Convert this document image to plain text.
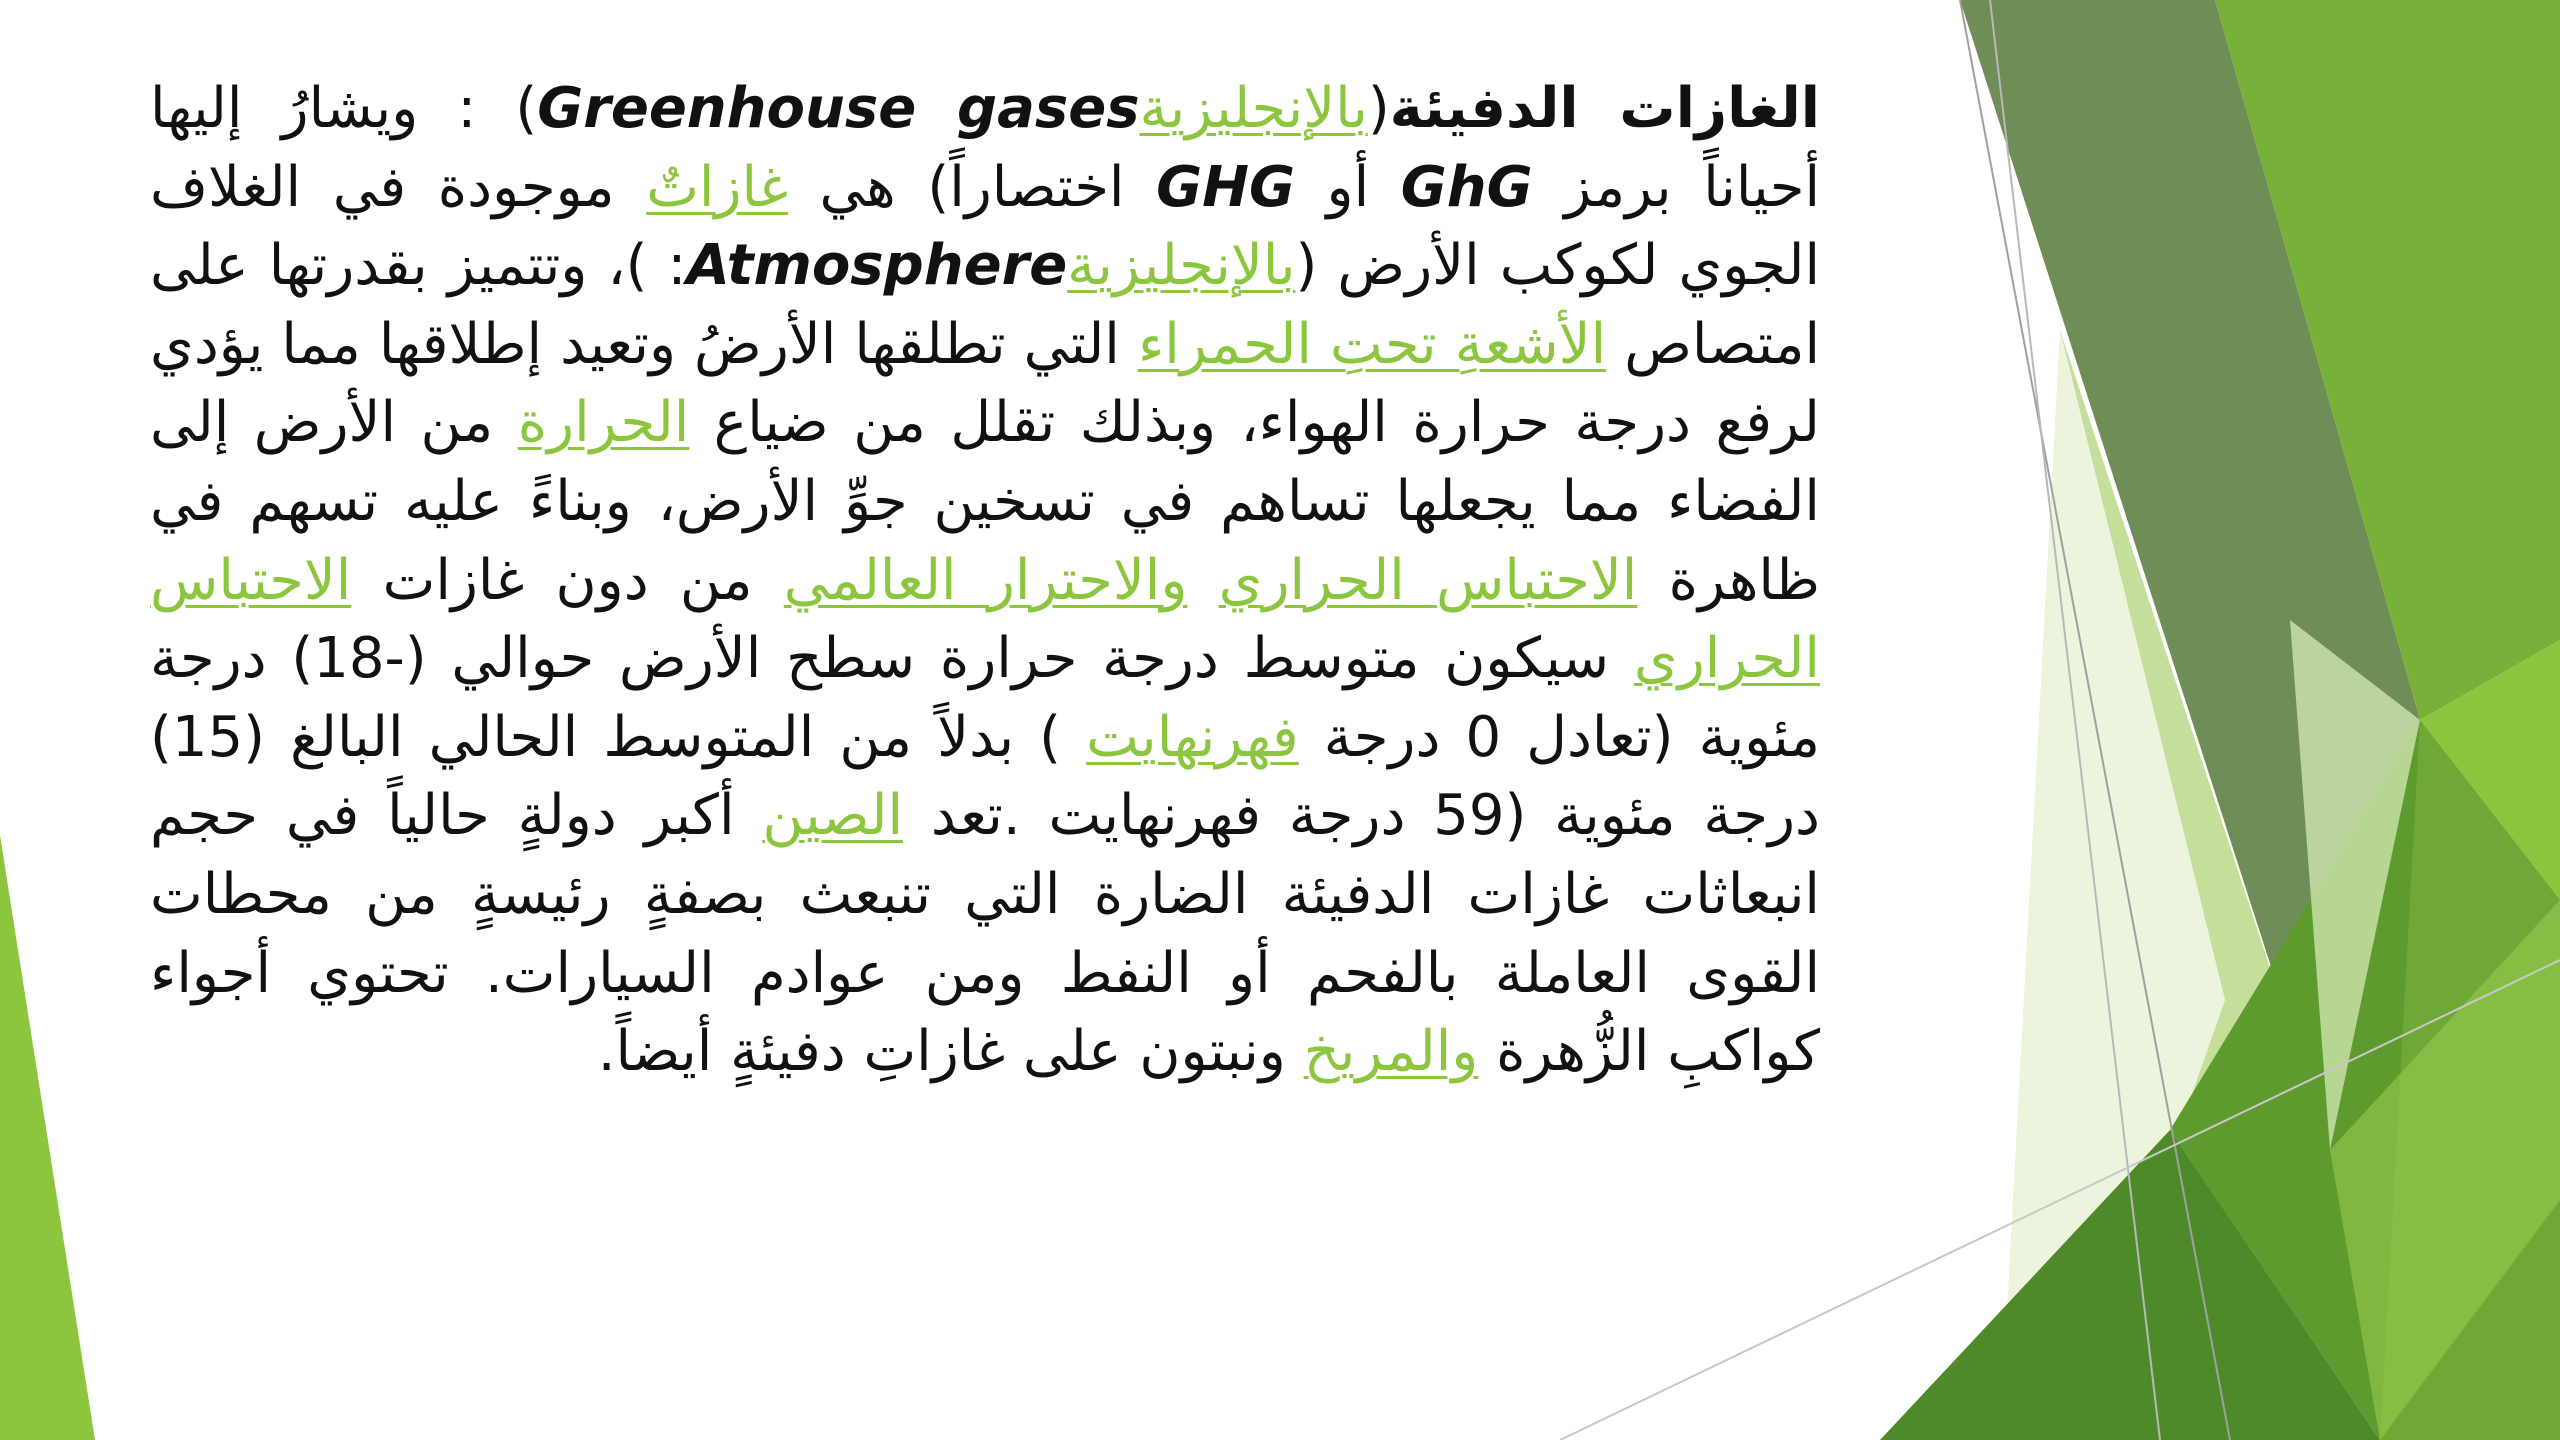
الغازات الدفيئة(بالإنجليزيةGreenhouse gases) : ويشارُ إليها أحياناً برمز GhG أو GHG اختصاراً) هي غازاتٌ موجودة في الغلاف الجوي لكوكب الأرض (بالإنجليزيةAtmosphere: )، وتتميز بقدرتها على امتصاص الأشعةِ تحتِ الحمراء التي تطلقها الأرضُ وتعيد إطلاقها مما يؤدي لرفع درجة حرارة الهواء، وبذلك تقلل من ضياع الحرارة من الأرض إلى الفضاء مما يجعلها تساهم في تسخين جوِّ الأرض، وبناءً عليه تسهم في ظاهرة الاحتباس الحراري والاحترار العالمي من دون غازات الاحتباس الحراري سيكون متوسط درجة حرارة سطح الأرض حوالي (-18) درجة مئوية (تعادل 0 درجة فهرنهايت ) بدلاً من المتوسط الحالي البالغ (15) درجة مئوية (59 درجة فهرنهايت .تعد الصين أكبر دولةٍ حالياً في حجم انبعاثات غازات الدفيئة الضارة التي تنبعث بصفةٍ رئيسةٍ من محطات القوى العاملة بالفحم أو النفط ومن عوادم السيارات. تحتوي أجواء كواكبِ الزُّهرة والمريخ ونبتون على غازاتِ دفيئةٍ أيضاً.
